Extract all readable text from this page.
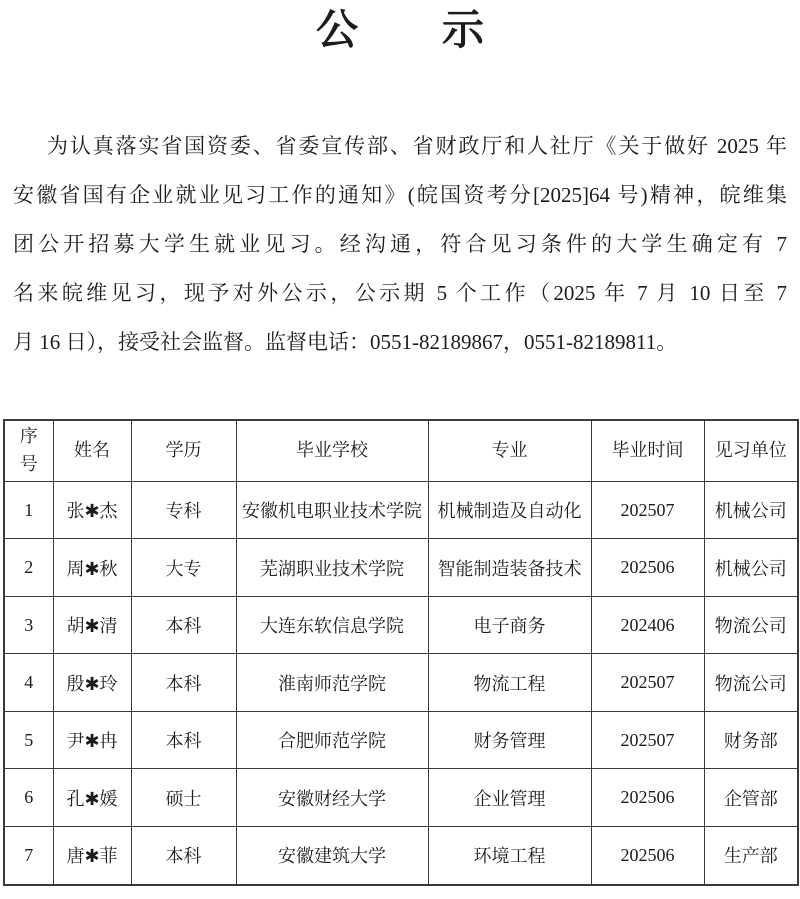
公　　示
为认真落实省国资委、省委宣传部、省财政厅和人社厅《关于做好 2025 年
安徽省国有企业就业见习工作的通知》(皖国资考分[2025]64 号)精神，皖维集
团公开招募大学生就业见习。经沟通，符合见习条件的大学生确定有 7
名来皖维见习，现予对外公示，公示期 5 个工作（2025 年 7 月 10 日至 7
月 16 日），接受社会监督。监督电话：0551-82189867，0551-82189811。
序号	姓名	学历	毕业学校	专业	毕业时间	见习单位
1	张✱杰	专科	安徽机电职业技术学院	机械制造及自动化	202507	机械公司
2	周✱秋	大专	芜湖职业技术学院	智能制造装备技术	202506	机械公司
3	胡✱清	本科	大连东软信息学院	电子商务	202406	物流公司
4	殷✱玲	本科	淮南师范学院	物流工程	202507	物流公司
5	尹✱冉	本科	合肥师范学院	财务管理	202507	财务部
6	孔✱媛	硕士	安徽财经大学	企业管理	202506	企管部
7	唐✱菲	本科	安徽建筑大学	环境工程	202506	生产部
